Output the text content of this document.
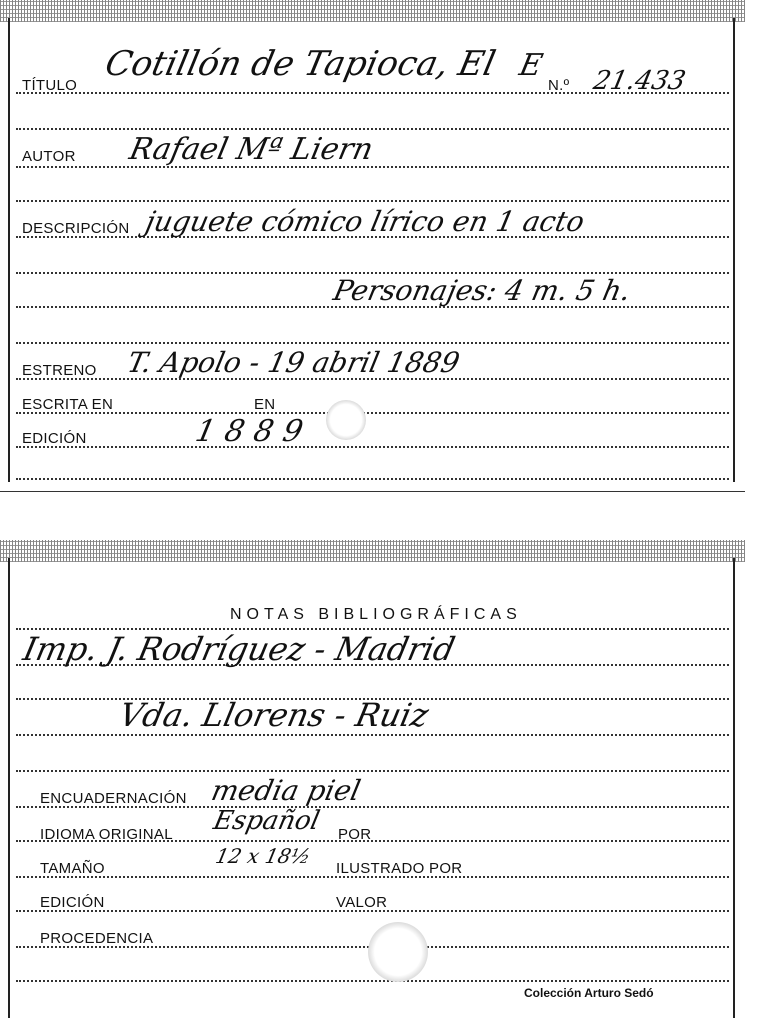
TÍTULO
Cotillón de Tapioca, El E
N.º 21.433
AUTOR Rafael Mª Liern
DESCRIPCIÓN juguete cómico lírico en 1 acto
Personajes: 4 m. 5 h.
ESTRENO T. Apolo - 19 abril 1889
ESCRITA EN	EN
EDICIÓN	1889
NOTAS BIBLIOGRÁFICAS
Imp. J. Rodríguez - Madrid
Vda. Llorens - Ruiz
ENCUADERNACIÓN media piel
IDIOMA ORIGINAL Español POR
TAMAÑO
12 x 18½
ILUSTRADO POR
EDICIÓN	VALOR
PROCEDENCIA
Colección Arturo Sedó
